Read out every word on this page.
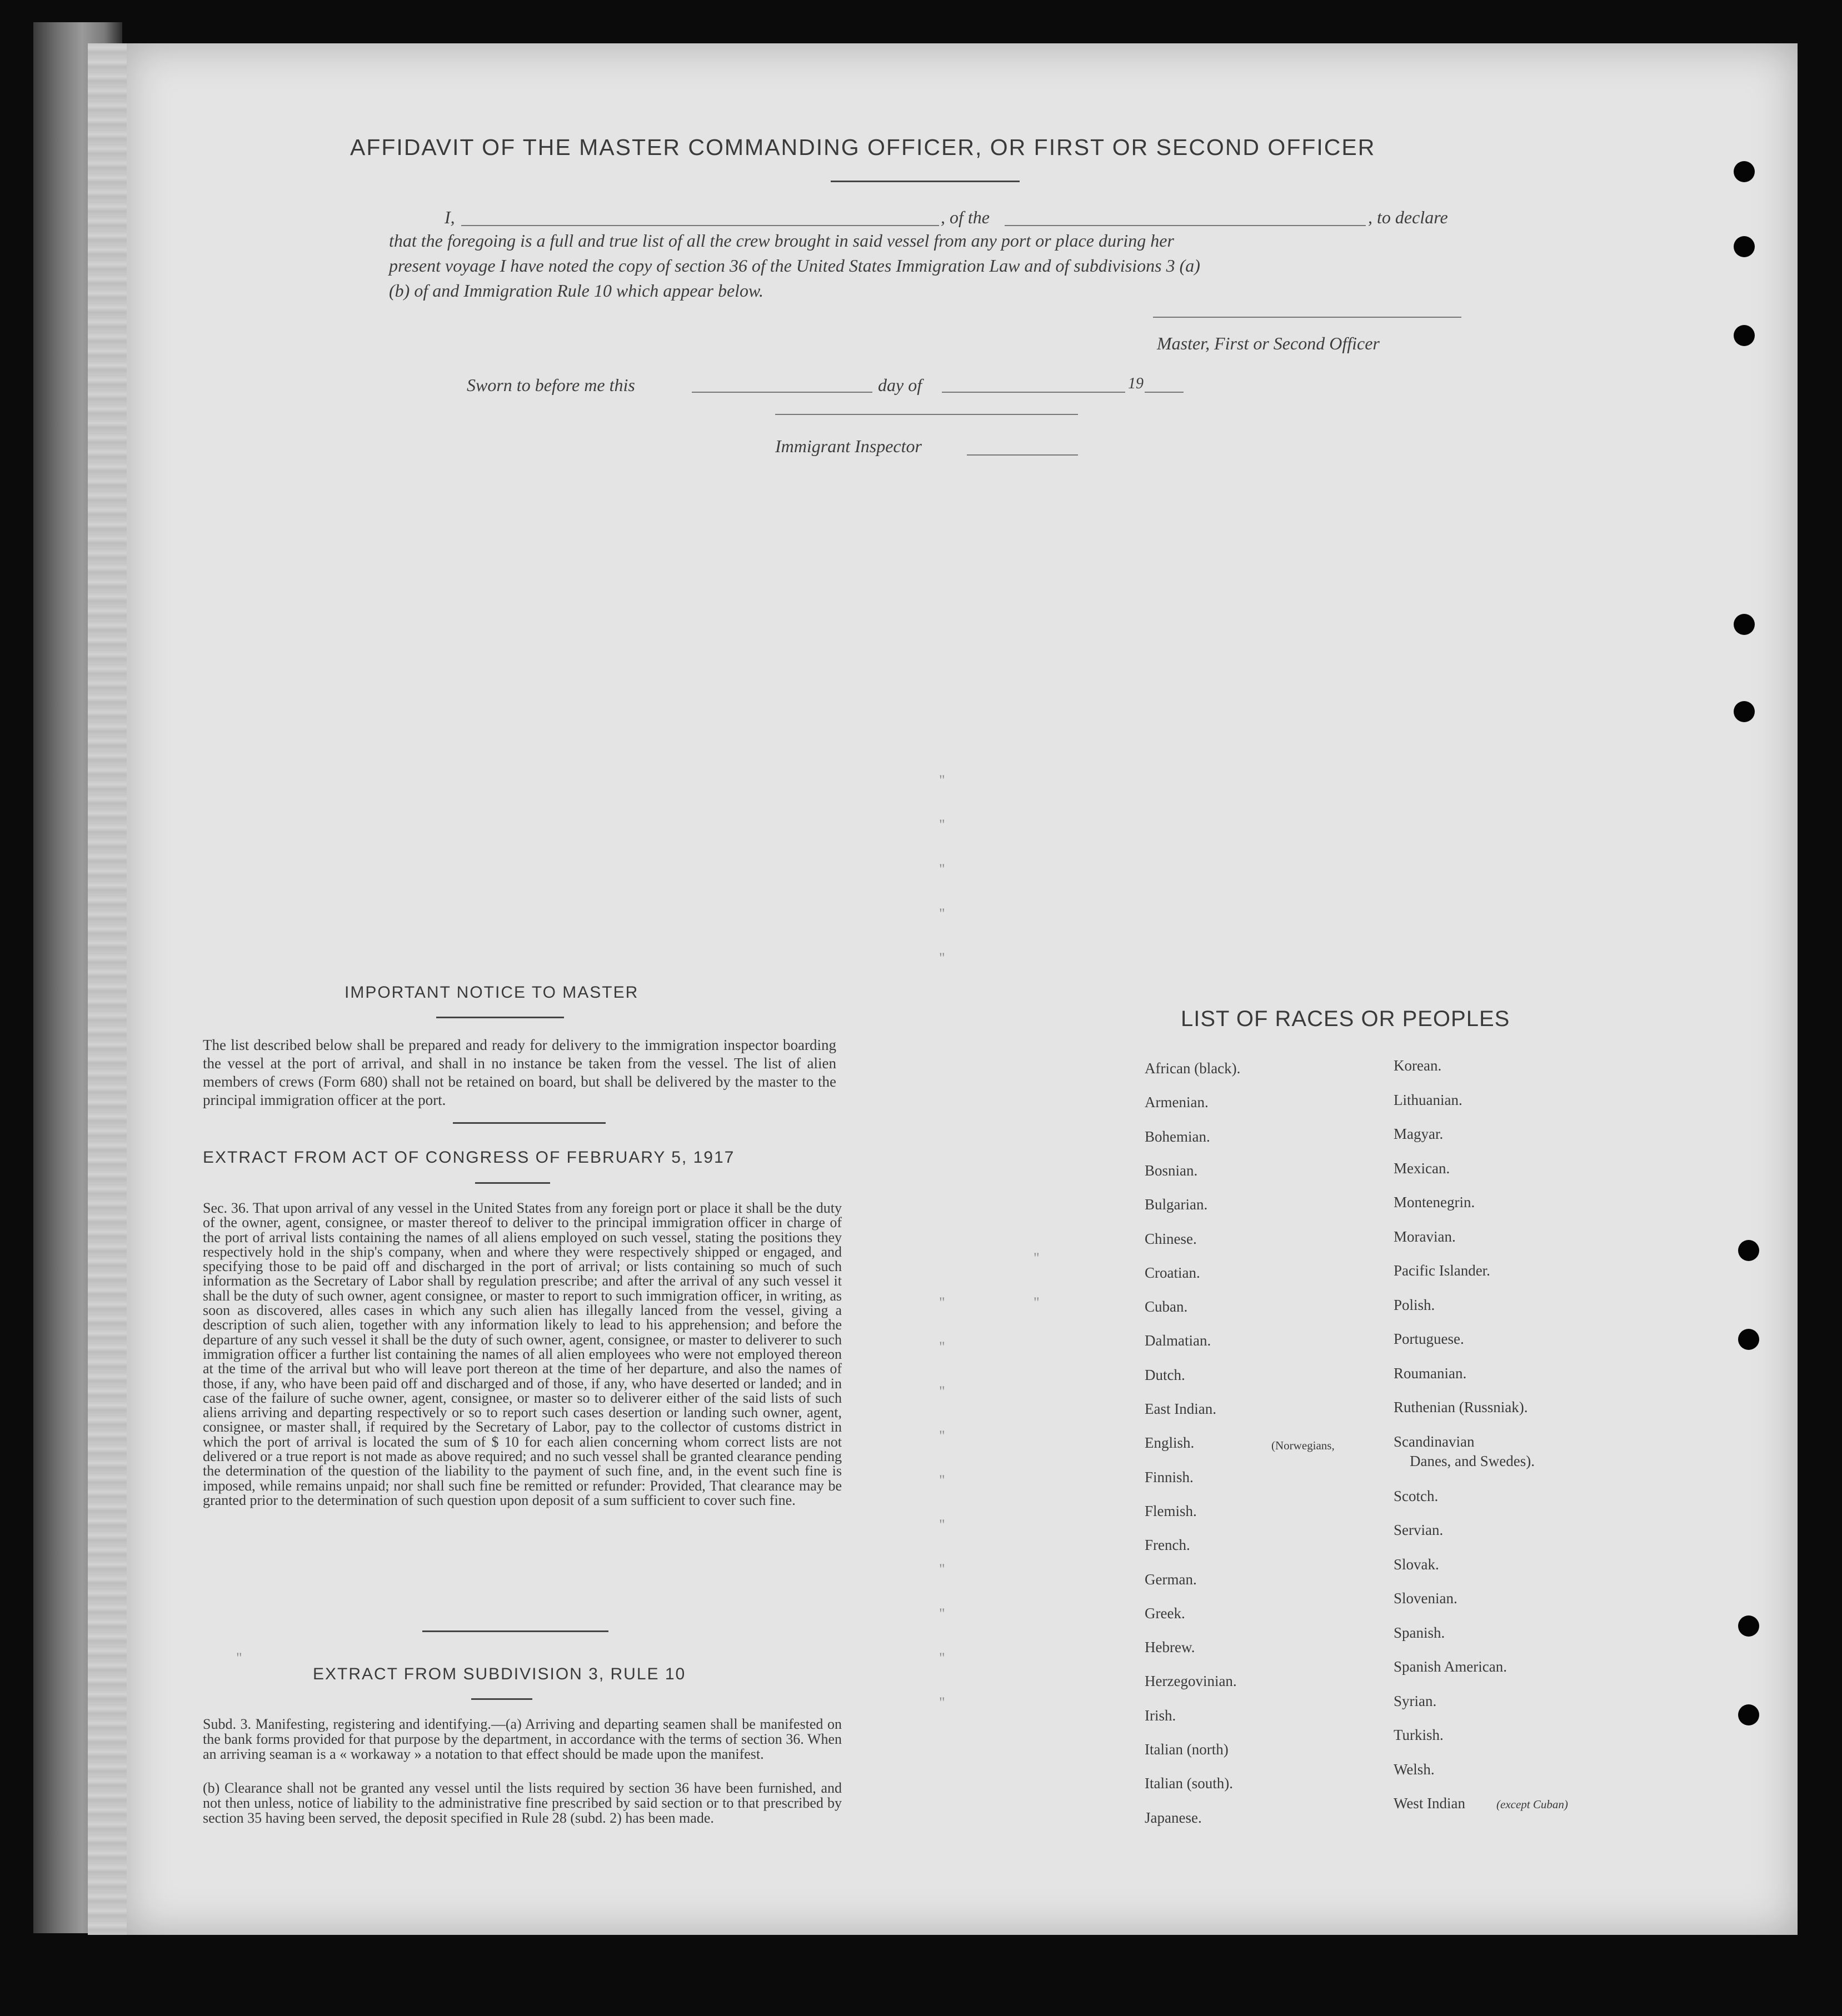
AFFIDAVIT OF THE MASTER COMMANDING OFFICER, OR FIRST OR SECOND OFFICER
I,	, of the	, to declare
that the foregoing is a full and true list of all the crew brought in said vessel from any port or place during her
present voyage I have noted the copy of section 36 of the United States Immigration Law and of subdivisions 3 (a)
(b) of and Immigration Rule 10 which appear below.
Master, First or Second Officer
Sworn to before me this	day of	19
Immigrant Inspector
IMPORTANT NOTICE TO MASTER
The list described below shall be prepared and ready for delivery to the immigration inspector boarding the vessel at the port of arrival, and shall in no instance be taken from the vessel. The list of alien members of crews (Form 680) shall not be retained on board, but shall be delivered by the master to the principal immigration officer at the port.
EXTRACT FROM ACT OF CONGRESS OF FEBRUARY 5, 1917
Sec. 36. That upon arrival of any vessel in the United States from any foreign port or place it shall be the duty of the owner, agent, consignee, or master thereof to deliver to the principal immigration officer in charge of the port of arrival lists containing the names of all aliens employed on such vessel, stating the positions they respectively hold in the ship's company, when and where they were respectively shipped or engaged, and specifying those to be paid off and discharged in the port of arrival; or lists containing so much of such information as the Secretary of Labor shall by regulation prescribe; and after the arrival of any such vessel it shall be the duty of such owner, agent consignee, or master to report to such immigration officer, in writing, as soon as discovered, alles cases in which any such alien has illegally lanced from the vessel, giving a description of such alien, together with any information likely to lead to his apprehension; and before the departure of any such vessel it shall be the duty of such owner, agent, consignee, or master to deliverer to such immigration officer a further list containing the names of all alien employees who were not employed thereon at the time of the arrival but who will leave port thereon at the time of her departure, and also the names of those, if any, who have been paid off and discharged and of those, if any, who have deserted or landed; and in case of the failure of suche owner, agent, consignee, or master so to deliverer either of the said lists of such aliens arriving and departing respectively or so to report such cases desertion or landing such owner, agent, consignee, or master shall, if required by the Secretary of Labor, pay to the collector of customs district in which the port of arrival is located the sum of $ 10 for each alien concerning whom correct lists are not delivered or a true report is not made as above required; and no such vessel shall be granted clearance pending the determination of the question of the liability to the payment of such fine, and, in the event such fine is imposed, while remains unpaid; nor shall such fine be remitted or refunder: Provided, That clearance may be granted prior to the determination of such question upon deposit of a sum sufficient to cover such fine.
EXTRACT FROM SUBDIVISION 3, RULE 10
Subd. 3. Manifesting, registering and identifying.—(a) Arriving and departing seamen shall be manifested on the bank forms provided for that purpose by the department, in accordance with the terms of section 36. When an arriving seaman is a « workaway » a notation to that effect should be made upon the manifest.
(b) Clearance shall not be granted any vessel until the lists required by section 36 have been furnished, and not then unless, notice of liability to the administrative fine prescribed by said section or to that prescribed by section 35 having been served, the deposit specified in Rule 28 (subd. 2) has been made.
LIST OF RACES OR PEOPLES
African (black).
Armenian.
Bohemian.
Bosnian.
Bulgarian.
Chinese.
Croatian.
Cuban.
Dalmatian.
Dutch.
East Indian.
English.
Finnish.
Flemish.
French.
German.
Greek.
Hebrew.
Herzegovinian.
Irish.
Italian (north)
Italian (south).
Japanese.
Korean.
Lithuanian.
Magyar.
Mexican.
Montenegrin.
Moravian.
Pacific Islander.
Polish.
Portuguese.
Roumanian.
Ruthenian (Russniak).
Scandinavian
Scotch.
Servian.
Slovak.
Slovenian.
Spanish.
Spanish American.
Syrian.
Turkish.
Welsh.
West Indian
(Norwegians,
Danes, and Swedes).
(except Cuban)
"
"
"
"
"
"
"	"
"
"
"
"
"
"
"
"
"
"
